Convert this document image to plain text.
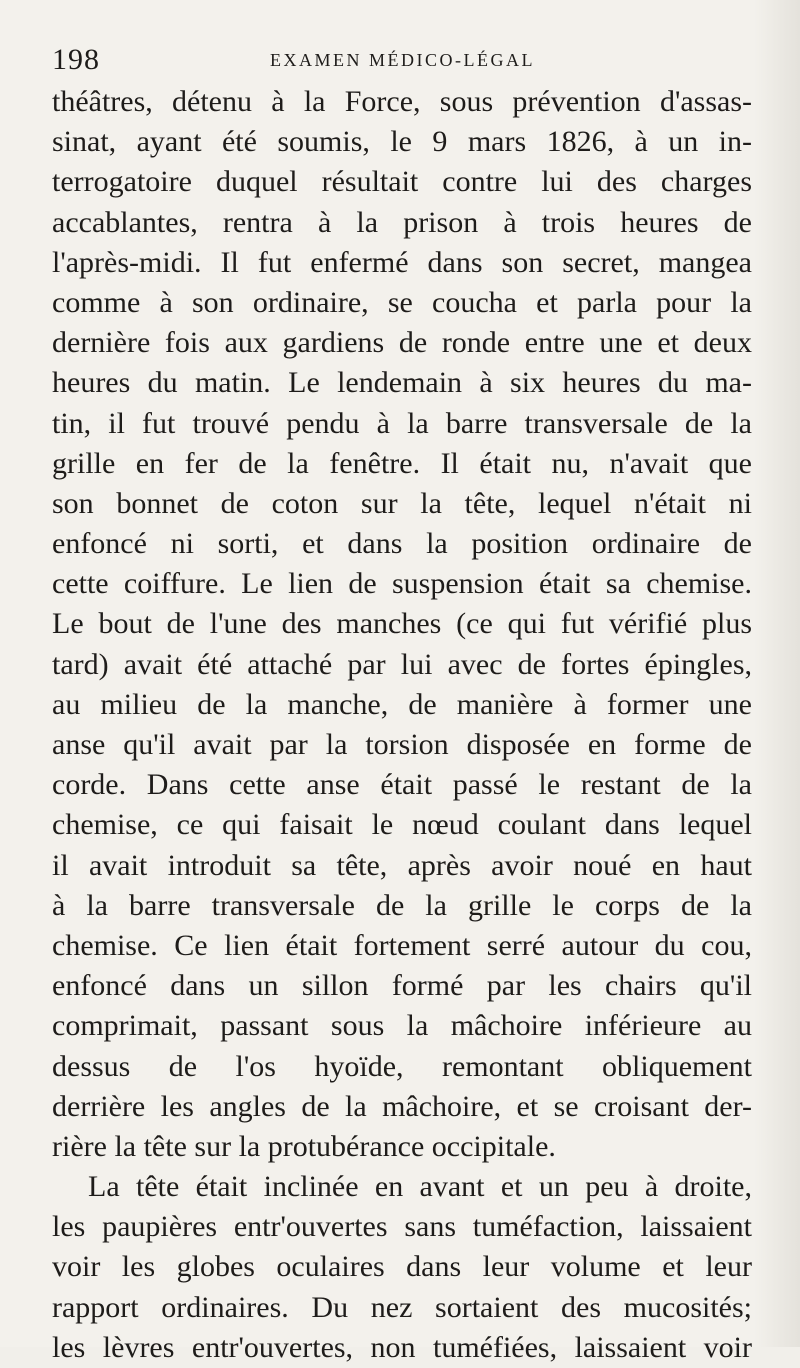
198	EXAMEN MÉDICO-LÉGAL
théâtres, détenu à la Force, sous prévention d'assas-
sinat, ayant été soumis, le 9 mars 1826, à un in-
terrogatoire duquel résultait contre lui des charges
accablantes, rentra à la prison à trois heures de
l'après-midi. Il fut enfermé dans son secret, mangea
comme à son ordinaire, se coucha et parla pour la
dernière fois aux gardiens de ronde entre une et deux
heures du matin. Le lendemain à six heures du ma-
tin, il fut trouvé pendu à la barre transversale de la
grille en fer de la fenêtre. Il était nu, n'avait que
son bonnet de coton sur la tête, lequel n'était ni
enfoncé ni sorti, et dans la position ordinaire de
cette coiffure. Le lien de suspension était sa chemise.
Le bout de l'une des manches (ce qui fut vérifié plus
tard) avait été attaché par lui avec de fortes épingles,
au milieu de la manche, de manière à former une
anse qu'il avait par la torsion disposée en forme de
corde. Dans cette anse était passé le restant de la
chemise, ce qui faisait le nœud coulant dans lequel
il avait introduit sa tête, après avoir noué en haut
à la barre transversale de la grille le corps de la
chemise. Ce lien était fortement serré autour du cou,
enfoncé dans un sillon formé par les chairs qu'il
comprimait, passant sous la mâchoire inférieure au
dessus de l'os hyoïde, remontant obliquement
derrière les angles de la mâchoire, et se croisant der-
rière la tête sur la protubérance occipitale.
La tête était inclinée en avant et un peu à droite,
les paupières entr'ouvertes sans tuméfaction, laissaient
voir les globes oculaires dans leur volume et leur
rapport ordinaires. Du nez sortaient des mucosités;
les lèvres entr'ouvertes, non tuméfiées, laissaient voir
